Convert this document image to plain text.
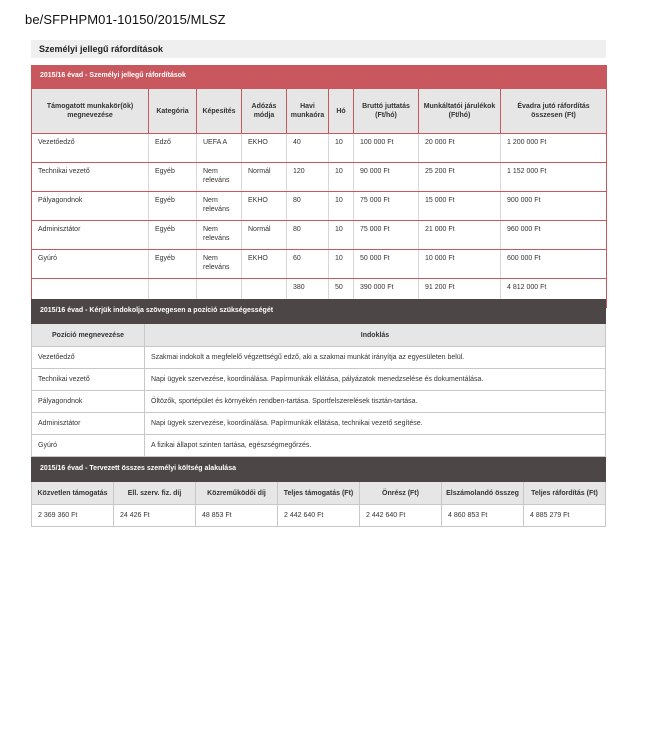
be/SFPHPM01-10150/2015/MLSZ
Személyi jellegű ráfordítások
2015/16 évad - Személyi jellegű ráfordítások								
Támogatott munkakör(ök) megnevezése	Kategória	Képesítés	Adózás módja	Havi munkaóra	Hó	Bruttó juttatás (Ft/hó)	Munkáltatói járulékok (Ft/hó)	Évadra jutó ráfordítás összesen (Ft)
Vezetőedző	Edző	UEFA A	EKHO	40	10	100 000 Ft	20 000 Ft	1 200 000 Ft
Technikai vezető	Egyéb	Nem releváns	Normál	120	10	90 000 Ft	25 200 Ft	1 152 000 Ft
Pályagondnok	Egyéb	Nem releváns	EKHO	80	10	75 000 Ft	15 000 Ft	900 000 Ft
Adminisztátor	Egyéb	Nem releváns	Normál	80	10	75 000 Ft	21 000 Ft	960 000 Ft
Gyúró	Egyéb	Nem releváns	EKHO	60	10	50 000 Ft	10 000 Ft	600 000 Ft
				380	50	390 000 Ft	91 200 Ft	4 812 000 Ft
2015/16 évad - Kérjük indokolja szövegesen a pozíció szükségességét	
Pozíció megnevezése	Indoklás
Vezetőedző	Szakmai indokolt a megfelelő végzettségű edző, aki a szakmai munkát irányítja az egyesületen belül.
Technikai vezető	Napi ügyek szervezése, koordinálása. Papírmunkák ellátása, pályázatok menedzselése és dokumentálása.
Pályagondnok	Öltözők, sportépület és környékén rendben-tartása. Sportfelszerelések tisztán-tartása.
Adminisztátor	Napi ügyek szervezése, koordinálása. Papírmunkák ellátása, technikai vezető segítése.
Gyúró	A fizikai állapot szinten tartása, egészségmegőrzés.
2015/16 évad - Tervezett összes személyi költség alakulása						
Közvetlen támogatás	Ell. szerv. fiz. díj	Közreműködői díj	Teljes támogatás (Ft)	Önrész (Ft)	Elszámolandó összeg	Teljes ráfordítás (Ft)
2 369 360 Ft	24 426 Ft	48 853 Ft	2 442 640 Ft	2 442 640 Ft	4 860 853 Ft	4 885 279 Ft
